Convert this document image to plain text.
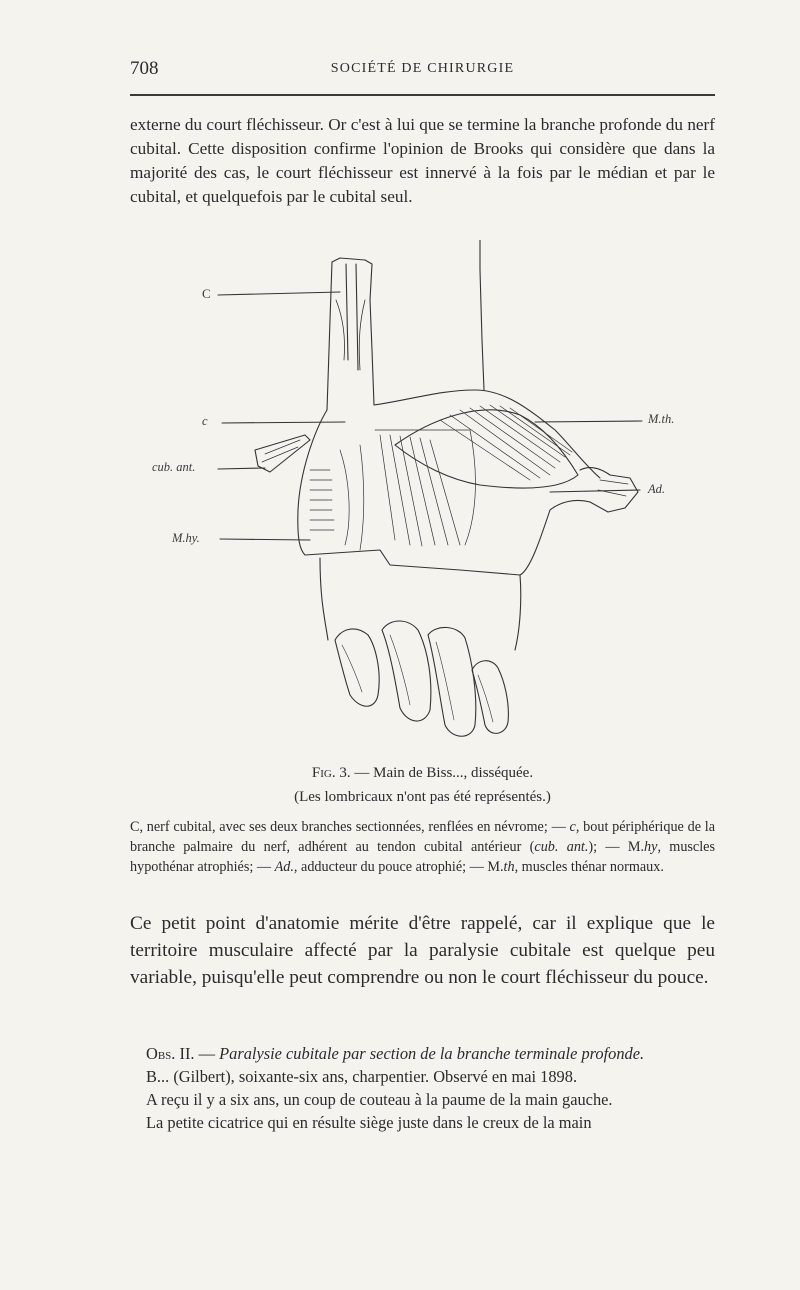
708	SOCIÉTÉ DE CHIRURGIE

externe du court fléchisseur. Or c'est à lui que se termine la branche profonde du nerf cubital. Cette disposition confirme l'opinion de Brooks qui considère que dans la majorité des cas, le court fléchisseur est innervé à la fois par le médian et par le cubital, et quelquefois par le cubital seul.

C
c
cub. ant.
M.hy.
M.th.
Ad.
Fig. 3. — Main de Biss..., disséquée.
(Les lombricaux n'ont pas été représentés.)

C, nerf cubital, avec ses deux branches sectionnées, renflées en névrome; — c, bout périphérique de la branche palmaire du nerf, adhérent au tendon cubital antérieur (cub. ant.); — M.hy, muscles hypothénar atrophiés; — Ad., adducteur du pouce atrophié; — M.th, muscles thénar normaux.

Ce petit point d'anatomie mérite d'être rappelé, car il explique que le territoire musculaire affecté par la paralysie cubitale est quelque peu variable, puisqu'elle peut comprendre ou non le court fléchisseur du pouce.

Obs. II. — Paralysie cubitale par section de la branche terminale profonde.

B... (Gilbert), soixante-six ans, charpentier. Observé en mai 1898.

A reçu il y a six ans, un coup de couteau à la paume de la main gauche.

La petite cicatrice qui en résulte siège juste dans le creux de la main
